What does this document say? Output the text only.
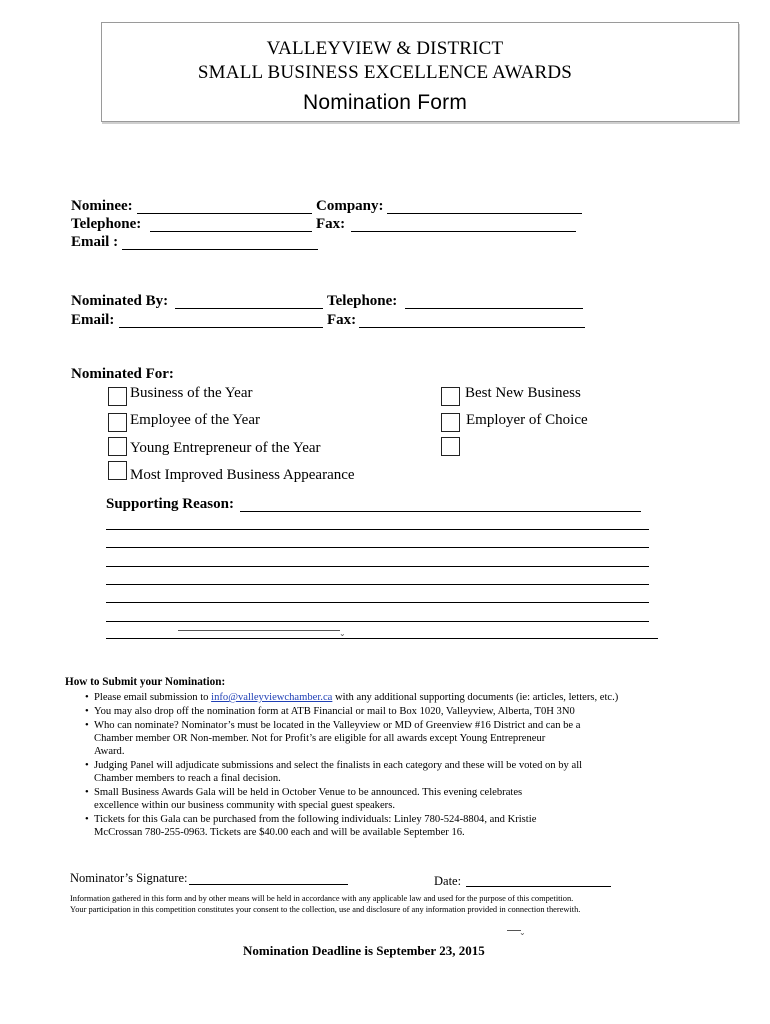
VALLEYVIEW & DISTRICT
SMALL BUSINESS EXCELLENCE AWARDS
Nomination Form
Nominee:	Company:
Telephone:	Fax:
Email :
Nominated By:	Telephone:
Email:	Fax:
Nominated For:
Business of the Year	Best New Business
Employee of the Year	Employer of Choice
Young Entrepreneur of the Year
Most Improved Business Appearance
Supporting Reason:
⌄
How to Submit your Nomination:
• Please email submission to info@valleyviewchamber.ca with any additional supporting documents (ie: articles, letters, etc.)
• You may also drop off the nomination form at ATB Financial or mail to Box 1020, Valleyview, Alberta, T0H 3N0
• Who can nominate? Nominator’s must be located in the Valleyview or MD of Greenview #16 District and can be a
Chamber member OR Non-member. Not for Profit’s are eligible for all awards except Young Entrepreneur
Award.
• Judging Panel will adjudicate submissions and select the finalists in each category and these will be voted on by all
Chamber members to reach a final decision.
• Small Business Awards Gala will be held in October Venue to be announced. This evening celebrates
excellence within our business community with special guest speakers.
• Tickets for this Gala can be purchased from the following individuals: Linley 780-524-8804, and Kristie
McCrossan 780-255-0963. Tickets are $40.00 each and will be available September 16.
Nominator’s Signature:	Date:
Information gathered in this form and by other means will be held in accordance with any applicable law and used for the purpose of this competition.
Your participation in this competition constitutes your consent to the collection, use and disclosure of any information provided in connection therewith.
⌄
Nomination Deadline is September 23, 2015
